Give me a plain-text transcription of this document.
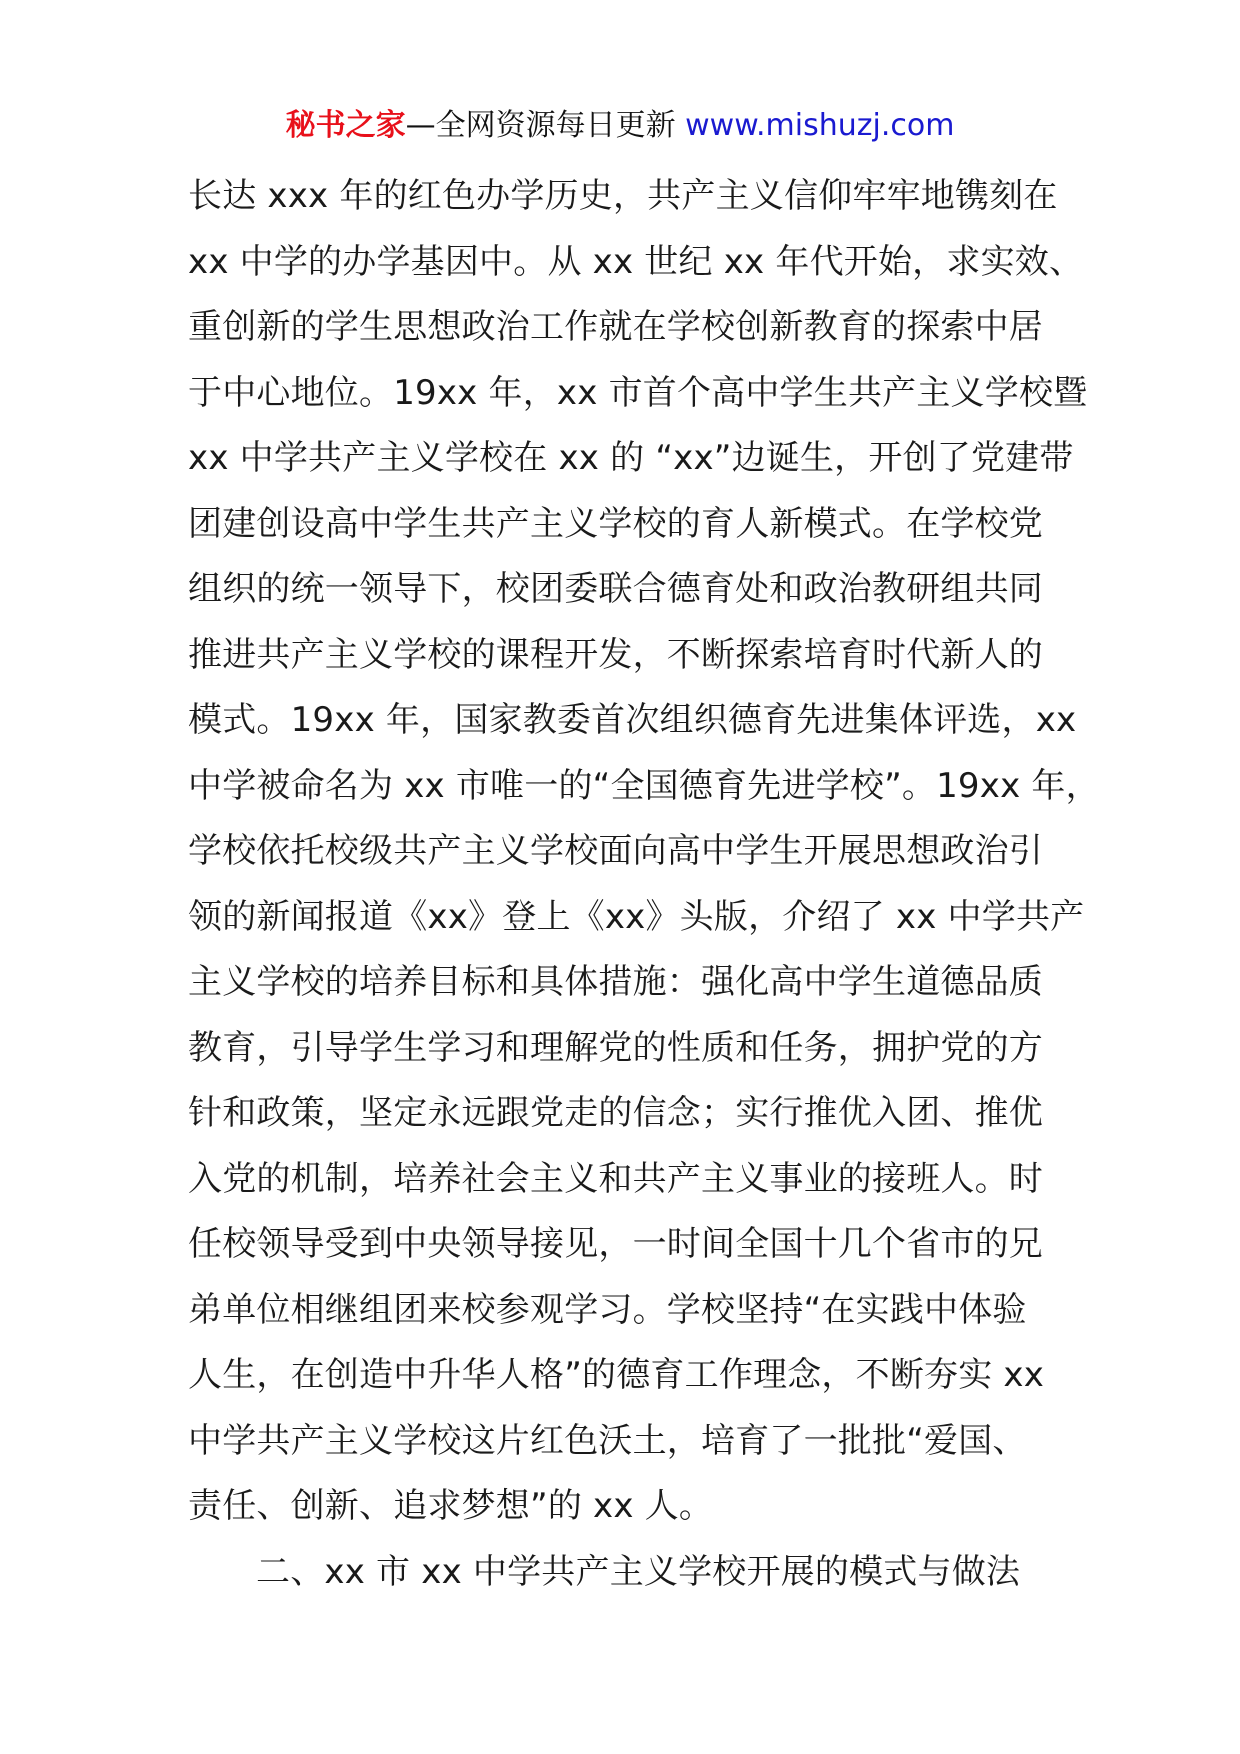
秘书之家—全网资源每日更新 www.mishuzj.com
长达 xxx 年的红色办学历史，共产主义信仰牢牢地镌刻在
xx 中学的办学基因中。从 xx 世纪 xx 年代开始，求实效、
重创新的学生思想政治工作就在学校创新教育的探索中居
于中心地位。19xx 年，xx 市首个高中学生共产主义学校暨
xx 中学共产主义学校在 xx 的 “xx”边诞生，开创了党建带
团建创设高中学生共产主义学校的育人新模式。在学校党
组织的统一领导下，校团委联合德育处和政治教研组共同
推进共产主义学校的课程开发，不断探索培育时代新人的
模式。19xx 年，国家教委首次组织德育先进集体评选，xx
中学被命名为 xx 市唯一的“全国德育先进学校”。19xx 年，
学校依托校级共产主义学校面向高中学生开展思想政治引
领的新闻报道《xx》登上《xx》头版，介绍了 xx 中学共产
主义学校的培养目标和具体措施：强化高中学生道德品质
教育，引导学生学习和理解党的性质和任务，拥护党的方
针和政策，坚定永远跟党走的信念；实行推优入团、推优
入党的机制，培养社会主义和共产主义事业的接班人。时
任校领导受到中央领导接见，一时间全国十几个省市的兄
弟单位相继组团来校参观学习。学校坚持“在实践中体验
人生，在创造中升华人格”的德育工作理念，不断夯实 xx
中学共产主义学校这片红色沃土，培育了一批批“爱国、
责任、创新、追求梦想”的 xx 人。
二、xx 市 xx 中学共产主义学校开展的模式与做法
